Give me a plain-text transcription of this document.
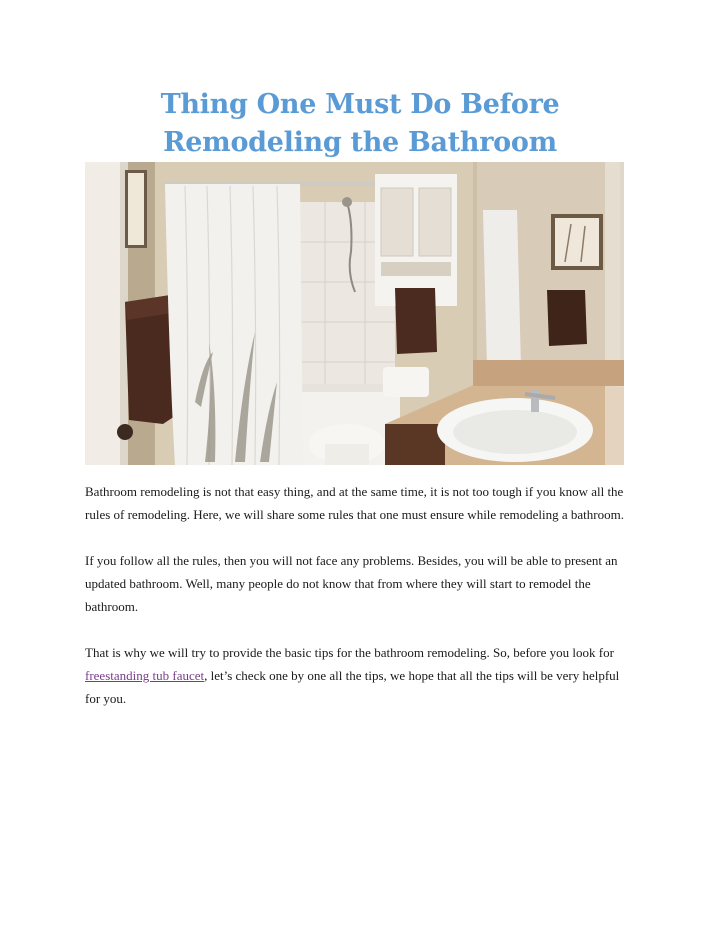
Thing One Must Do Before
Remodeling the Bathroom

Bathroom remodeling is not that easy thing, and at the same time, it is not too tough if you know all the rules of remodeling. Here, we will share some rules that one must ensure while remodeling a bathroom.

If you follow all the rules, then you will not face any problems. Besides, you will be able to present an updated bathroom. Well, many people do not know that from where they will start to remodel the bathroom.

That is why we will try to provide the basic tips for the bathroom remodeling. So, before you look for freestanding tub faucet, let’s check one by one all the tips, we hope that all the tips will be very helpful for you.
